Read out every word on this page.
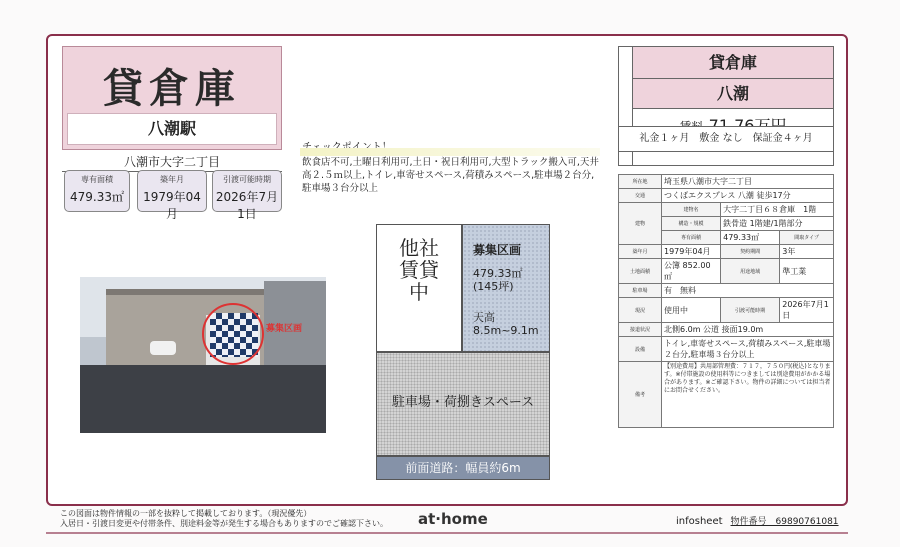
貸倉庫
八潮駅
八潮市大字二丁目
専有面積
479.33㎡
築年月
1979年04月
引渡可能時期
2026年7月1日
飲食店不可,土曜日利用可,土日・祝日利用可,大型トラック搬入可,天井高２.５ｍ以上,トイレ,車寄せスペース,荷積みスペース,駐車場２台分,駐車場３台分以上
募集区画
他社賃貸中
募集区画
479.33㎡ (145坪)
天高 8.5m~9.1m
駐車場・荷捌きスペース
前面道路：幅員約6m
貸倉庫
八潮
礼金１ヶ月　敷金 なし　保証金４ヶ月
所在地	埼玉県八潮市大字二丁目		
交通	つくばエクスプレス 八潮 徒歩17分		
建物	建物名	大字二丁目６８倉庫　1階	
	構造・規模	鉄骨造 1階建/1階部分	
	専有面積	479.33㎡	間取タイプ
築年月	1979年04月	契約期間	3年
土地面積	公簿 852.00㎡	用途地域	準工業
駐車場	有　無料		
現況	使用中	引渡可能時期	2026年7月1日
接道状況	北側6.0m 公道 接面19.0m		
設備	トイレ,車寄せスペース,荷積みスペース,駐車場２台分,駐車場３台分以上		
備考	【別途費用】共用部管理費：７１７，７５０円(税込)となります。※付帯施設の使用料等につきましては別途費用がかかる場合があります。※ご確認下さい。物件の詳細については担当者にお問合せください。		
この図面は物件情報の一部を抜粋して掲載しております。（現況優先）
入居日・引渡日変更や付帯条件、別途料金等が発生する場合もありますのでご確認下さい。 at·home	infosheet 物件番号　69890761081
